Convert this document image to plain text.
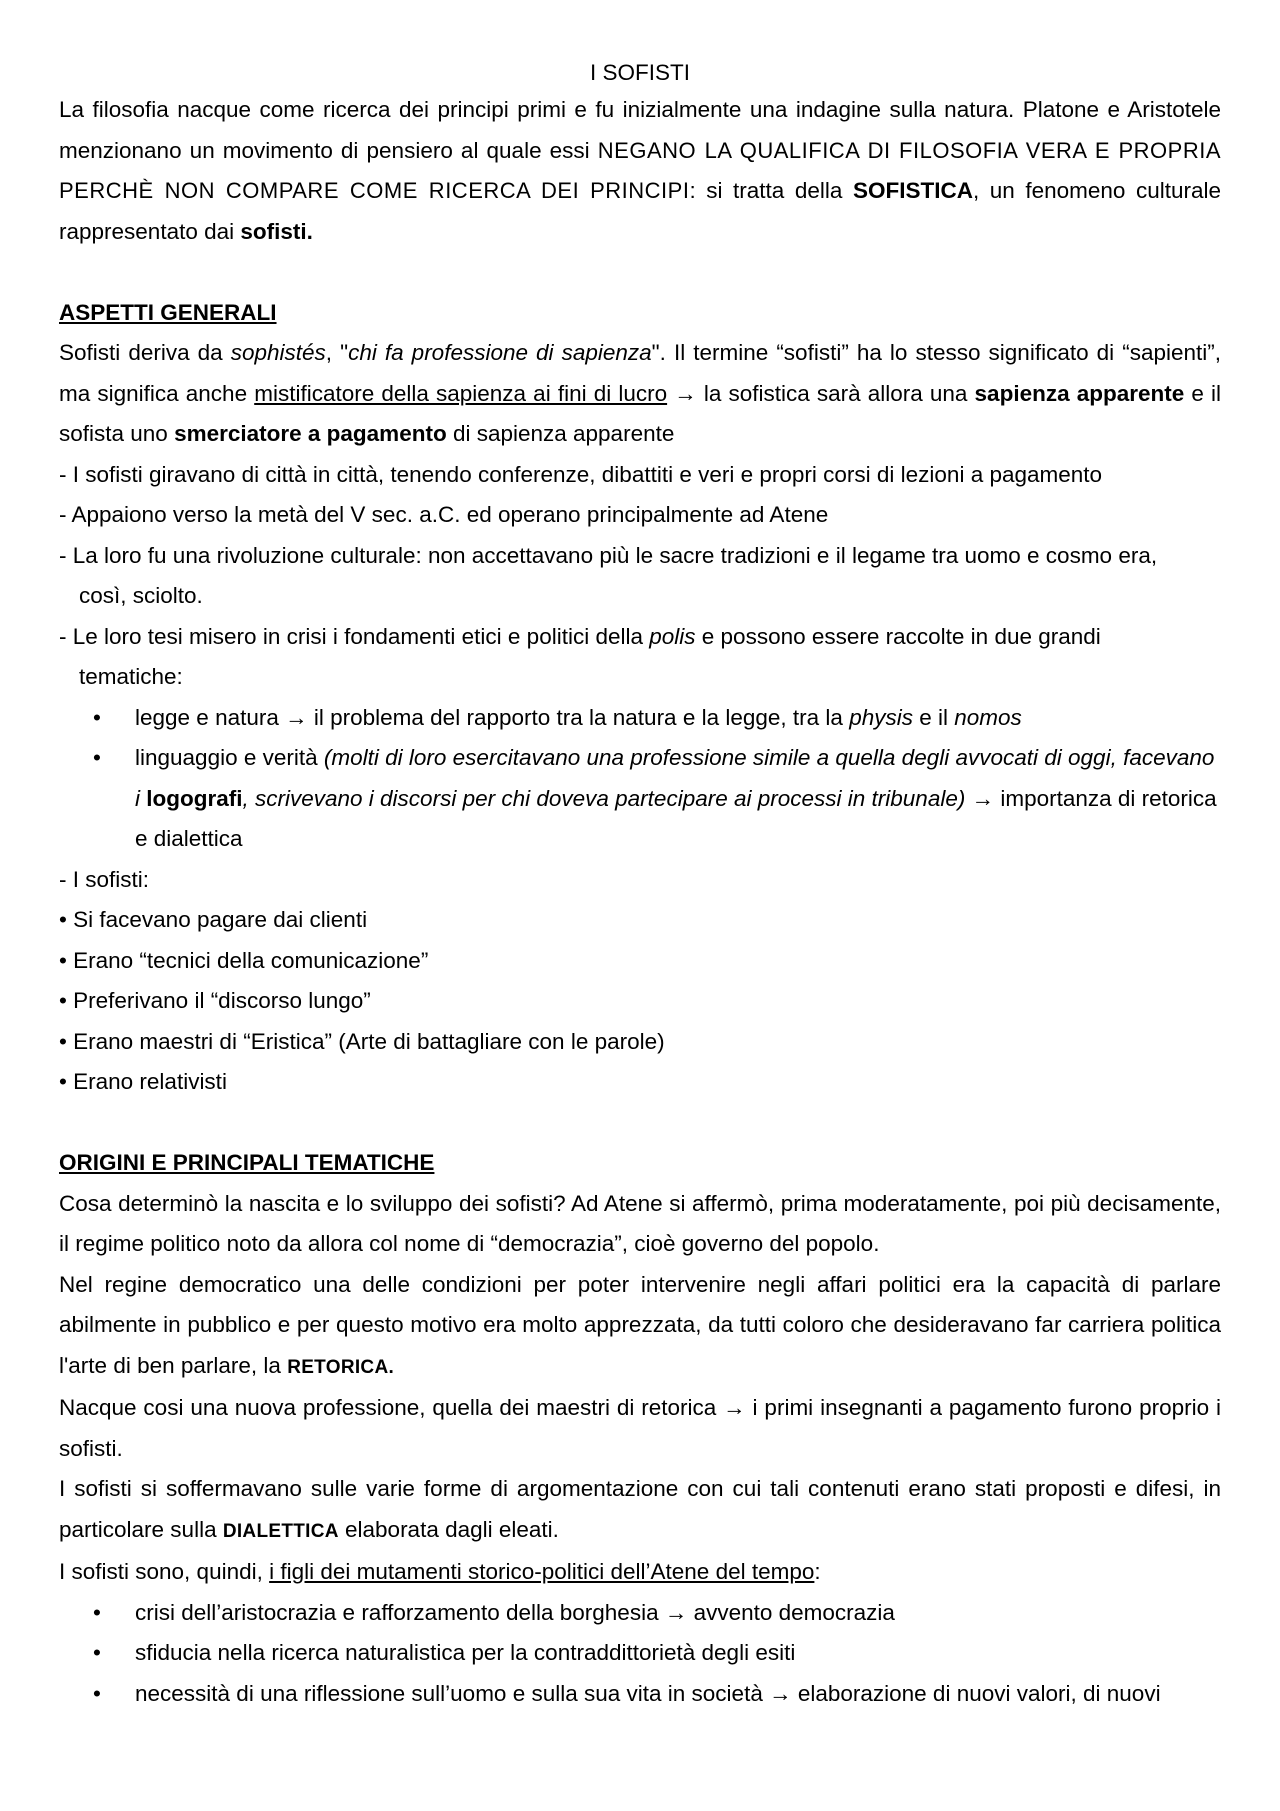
I SOFISTI

La filosofia nacque come ricerca dei principi primi e fu inizialmente una indagine sulla natura. Platone e Aristotele menzionano un movimento di pensiero al quale essi NEGANO LA QUALIFICA DI FILOSOFIA VERA E PROPRIA PERCHÈ NON COMPARE COME RICERCA DEI PRINCIPI: si tratta della SOFISTICA, un fenomeno culturale rappresentato dai sofisti.

ASPETTI GENERALI

Sofisti deriva da sophistés, "chi fa professione di sapienza". Il termine “sofisti” ha lo stesso significato di “sapienti”, ma significa anche mistificatore della sapienza ai fini di lucro → la sofistica sarà allora una sapienza apparente e il sofista uno smerciatore a pagamento di sapienza apparente

- I sofisti giravano di città in città, tenendo conferenze, dibattiti e veri e propri corsi di lezioni a pagamento

- Appaiono verso la metà del V sec. a.C. ed operano principalmente ad Atene

- La loro fu una rivoluzione culturale: non accettavano più le sacre tradizioni e il legame tra uomo e cosmo era,

così, sciolto.

- Le loro tesi misero in crisi i fondamenti etici e politici della polis e possono essere raccolte in due grandi

tematiche:

•	legge e natura → il problema del rapporto tra la natura e la legge, tra la physis e il nomos
•	linguaggio e verità (molti di loro esercitavano una professione simile a quella degli avvocati di oggi, facevano i logografi, scrivevano i discorsi per chi doveva partecipare ai processi in tribunale) → importanza di retorica e dialettica

- I sofisti:

• Si facevano pagare dai clienti

• Erano “tecnici della comunicazione”

• Preferivano il “discorso lungo”

• Erano maestri di “Eristica” (Arte di battagliare con le parole)

• Erano relativisti

ORIGINI E PRINCIPALI TEMATICHE

Cosa determinò la nascita e lo sviluppo dei sofisti? Ad Atene si affermò, prima moderatamente, poi più decisamente, il regime politico noto da allora col nome di “democrazia”, cioè governo del popolo.

Nel regine democratico una delle condizioni per poter intervenire negli affari politici era la capacità di parlare abilmente in pubblico e per questo motivo era molto apprezzata, da tutti coloro che desideravano far carriera politica l'arte di ben parlare, la RETORICA.

Nacque cosi una nuova professione, quella dei maestri di retorica → i primi insegnanti a pagamento furono proprio i sofisti.

I sofisti si soffermavano sulle varie forme di argomentazione con cui tali contenuti erano stati proposti e difesi, in particolare sulla DIALETTICA elaborata dagli eleati.

I sofisti sono, quindi, i figli dei mutamenti storico-politici dell’Atene del tempo:

•	crisi dell’aristocrazia e rafforzamento della borghesia → avvento democrazia
•	sfiducia nella ricerca naturalistica per la contraddittorietà degli esiti
•	necessità di una riflessione sull’uomo e sulla sua vita in società → elaborazione di nuovi valori, di nuovi
